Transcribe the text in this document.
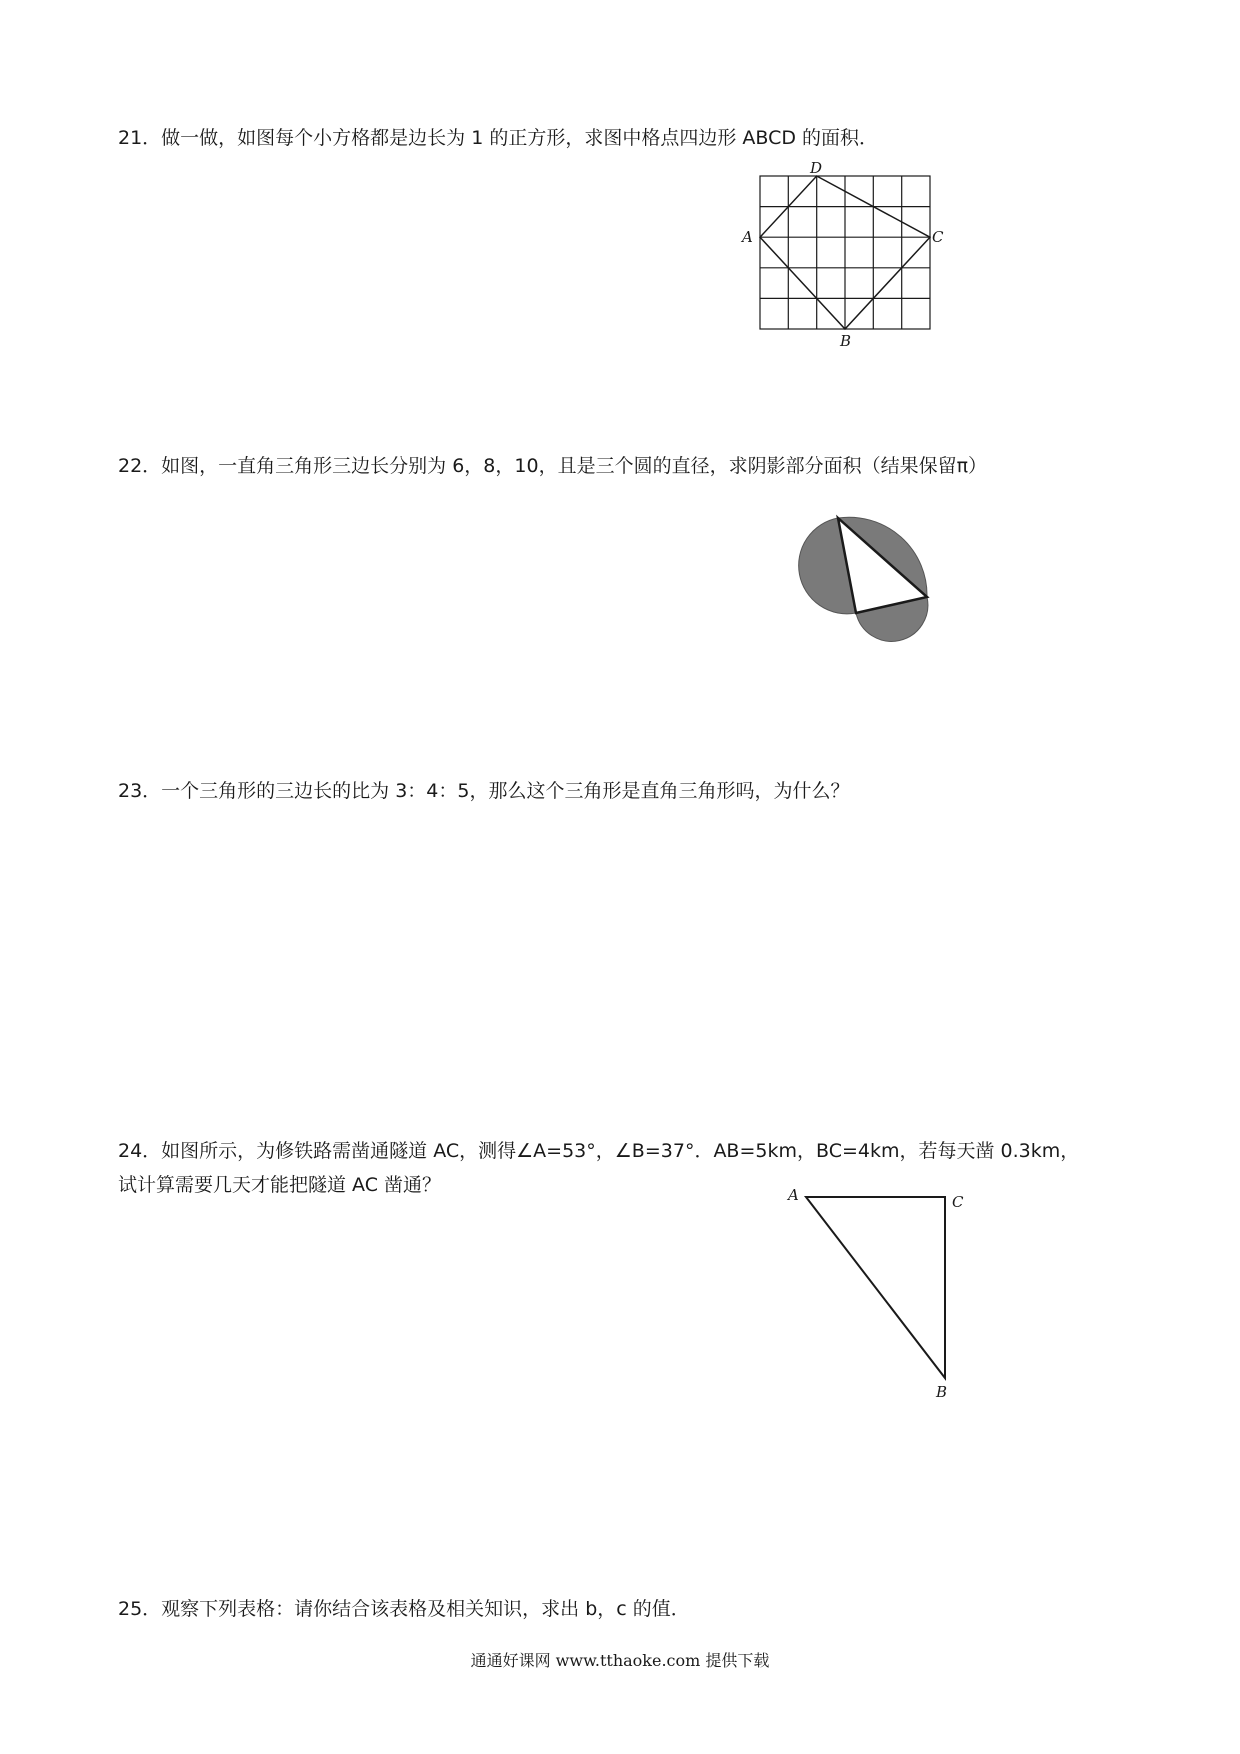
21．做一做，如图每个小方格都是边长为 1 的正方形，求图中格点四边形 ABCD 的面积．
A
B
C
D
22．如图，一直角三角形三边长分别为 6，8，10，且是三个圆的直径，求阴影部分面积（结果保留π）
23．一个三角形的三边长的比为 3：4：5，那么这个三角形是直角三角形吗，为什么？
24．如图所示，为修铁路需凿通隧道 AC，测得∠A=53°，∠B=37°．AB=5km，BC=4km，若每天凿 0.3km，
试计算需要几天才能把隧道 AC 凿通？	A	C
B
25．观察下列表格：请你结合该表格及相关知识，求出 b，c 的值．
通通好课网 www.tthaoke.com 提供下载
